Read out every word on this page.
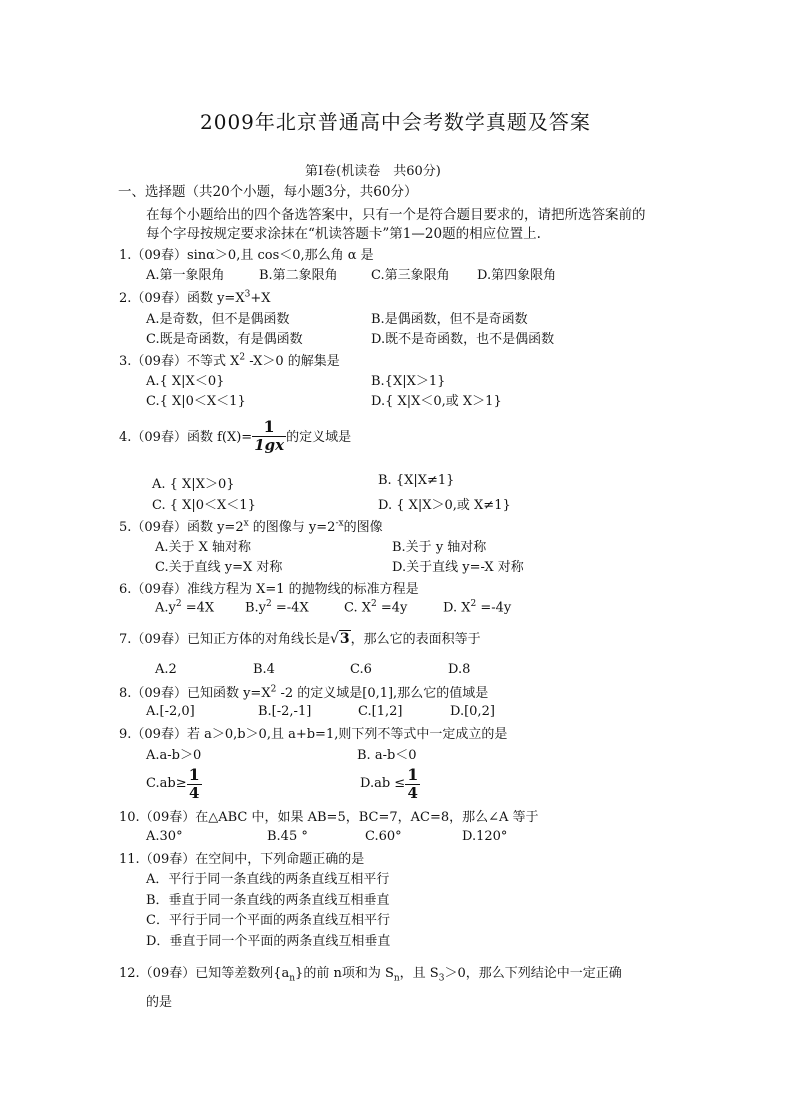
2009年北京普通高中会考数学真题及答案
第Ⅰ卷(机读卷　共60分)
一、选择题（共20个小题，每小题3分，共60分）
在每个小题给出的四个备选答案中，只有一个是符合题目要求的，请把所选答案前的
每个字母按规定要求涂抹在“机读答题卡”第1—20题的相应位置上.
1.（09春）sinα＞0,且 cos＜0,那么角 α 是
A.第一象限角	B.第二象限角	C.第三象限角 D.第四象限角
2.（09春）函数 $y=X^3+X$
A.是奇数，但不是偶函数	B.是偶函数，但不是奇函数
C.既是奇函数，有是偶函数	D.既不是奇函数，也不是偶函数
3.（09春）不等式 $X^2$ -X＞0 的解集是
A.{ X|X＜0}	B.{X|X＞1}
C.{ X|0＜X＜1}	D.{ X|X＜0,或 X＞1}
4.（09春）函数 $f(X)= \frac{1}{1gx}$ 的定义域是
A. { X|X＞0}	B. {X|X≠1}
C. { X|0＜X＜1}	D. { X|X＞0,或 X≠1}
5.（09春）函数 $y=2^x$ 的图像与 $y=2^{-x}$的图像
A.关于 X 轴对称	B.关于 y 轴对称
C.关于直线 y=X 对称	D.关于直线 y=-X 对称
6.（09春）准线方程为 X=1 的抛物线的标准方程是
$A.y^2 =4X$ $B.y^2 =-4X$	C. $X^2 =4y$	D. $X^2 =-4y$
7.（09春）已知正方体的对角线长是√3，那么它的表面积等于
A.2	B.4	C.6	D.8
8.（09春）已知函数 $y=X^2$ -2 的定义域是[0,1],那么它的值域是
A.[-2,0]	B.[-2,-1]	C.[1,2]	D.[0,2]
9.（09春）若 a＞0,b＞0,且 a+b=1,则下列不等式中一定成立的是
A.a-b＞0	B. a-b＜0
$C.ab\ge \frac{1}{4}$	$D.ab \le \frac{1}{4}$
10.（09春）在△ABC 中，如果 AB=5，BC=7，AC=8，那么∠A 等于
A.30°	B.45 °	C.60°	D.120°
11.（09春）在空间中，下列命题正确的是
A．平行于同一条直线的两条直线互相平行
B．垂直于同一条直线的两条直线互相垂直
C．平行于同一个平面的两条直线互相平行
D．垂直于同一个平面的两条直线互相垂直
12.（09春）已知等差数列$\{a_n\}$的前 n项和为 $S_n$，且 $S_3>0$，那么下列结论中一定正确
的是
